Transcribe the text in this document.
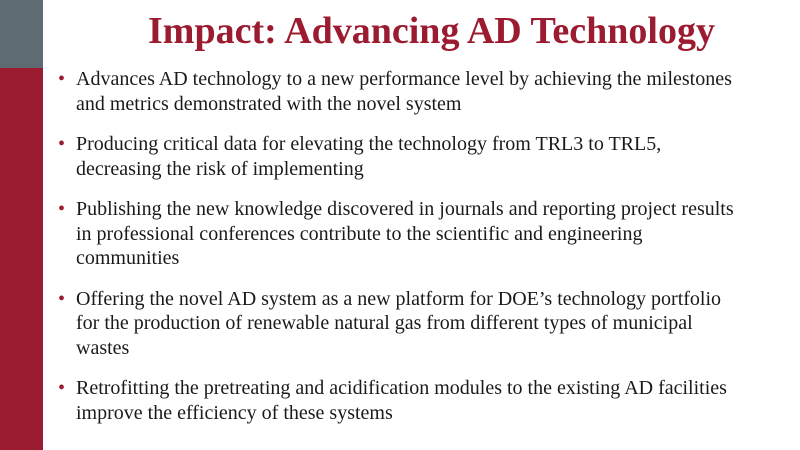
Impact: Advancing AD Technology
• Advances AD technology to a new performance level by achieving the milestones and metrics demonstrated with the novel system
• Producing critical data for elevating the technology from TRL3 to TRL5, decreasing the risk of implementing
• Publishing the new knowledge discovered in journals and reporting project results in professional conferences contribute to the scientific and engineering communities
• Offering the novel AD system as a new platform for DOE’s technology portfolio for the production of renewable natural gas from different types of municipal wastes
• Retrofitting the pretreating and acidification modules to the existing AD facilities improve the efficiency of these systems
